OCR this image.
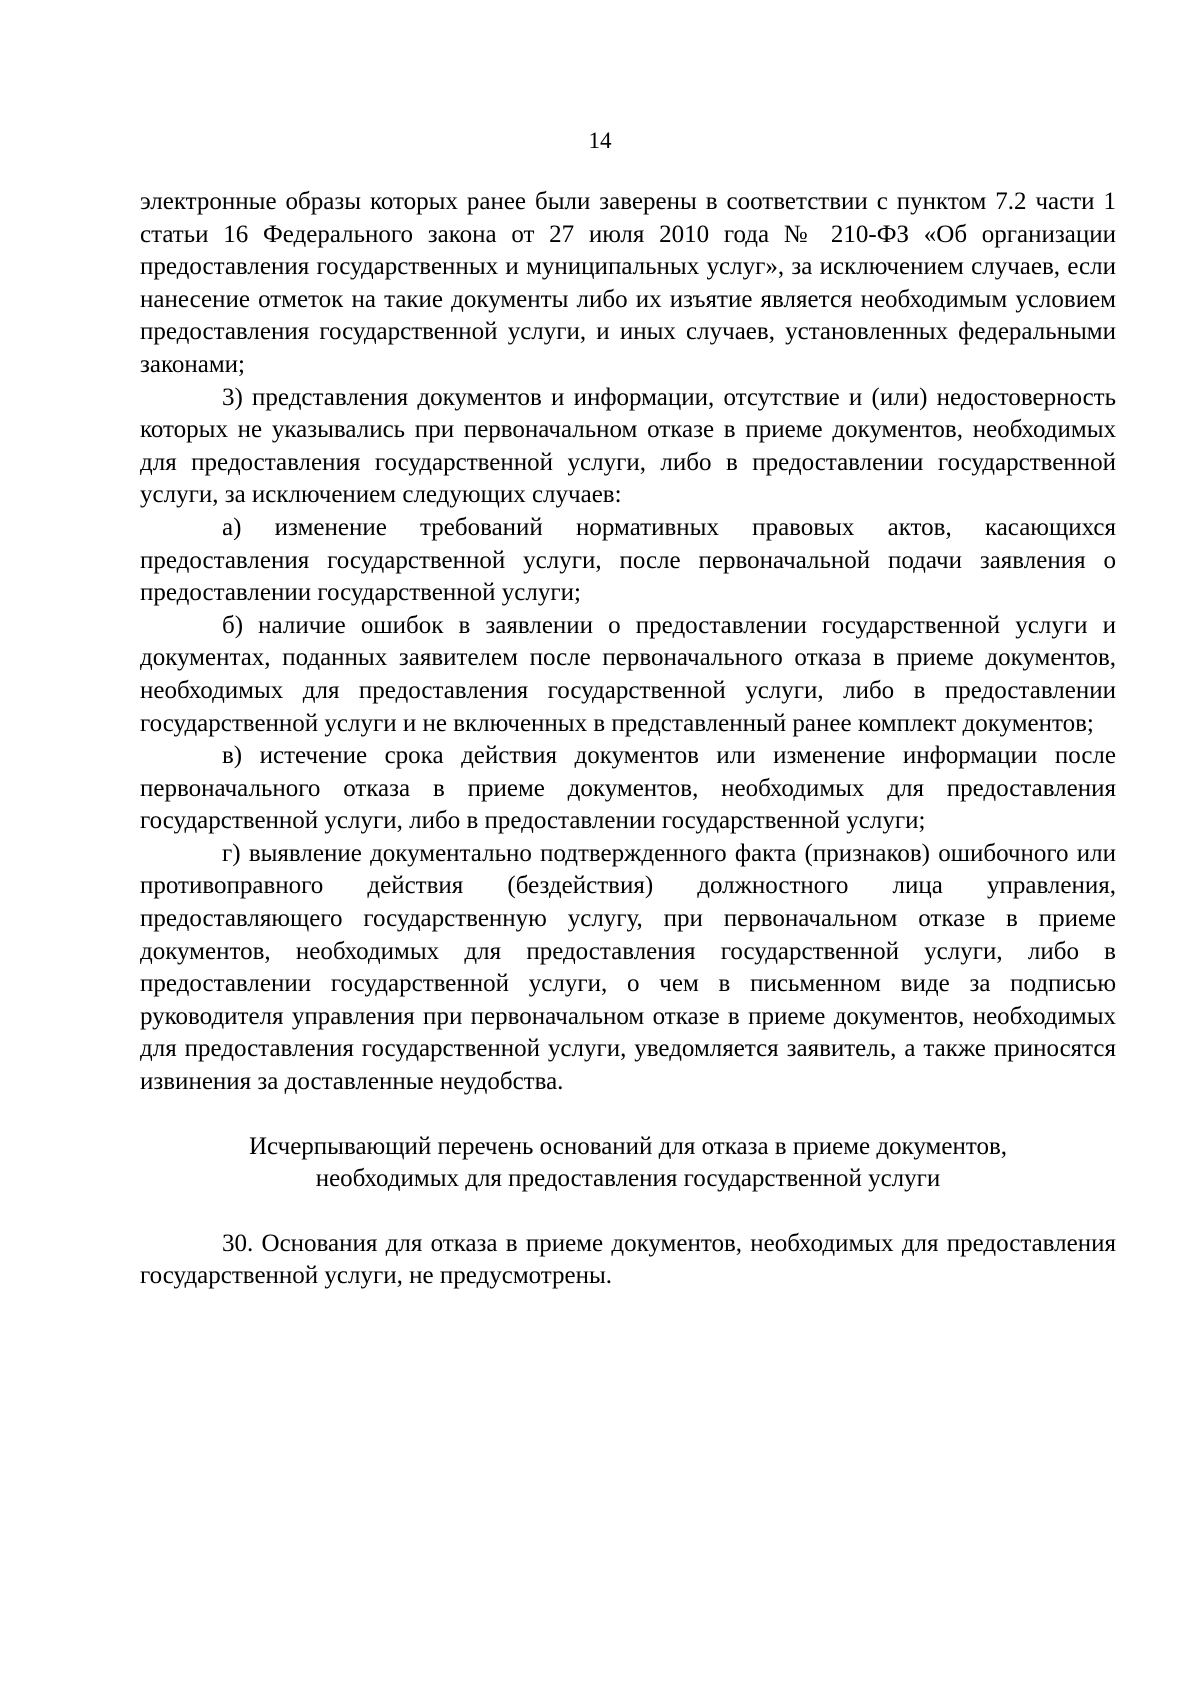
14

электронные образы которых ранее были заверены в соответствии с пунктом 7.2 части 1 статьи 16 Федерального закона от 27 июля 2010 года № 210-ФЗ «Об организации предоставления государственных и муниципальных услуг», за исключением случаев, если нанесение отметок на такие документы либо их изъятие является необходимым условием предоставления государственной услуги, и иных случаев, установленных федеральными законами;

3) представления документов и информации, отсутствие и (или) недостоверность которых не указывались при первоначальном отказе в приеме документов, необходимых для предоставления государственной услуги, либо в предоставлении государственной услуги, за исключением следующих случаев:

а) изменение требований нормативных правовых актов, касающихся предоставления государственной услуги, после первоначальной подачи заявления о предоставлении государственной услуги;

б) наличие ошибок в заявлении о предоставлении государственной услуги и документах, поданных заявителем после первоначального отказа в приеме документов, необходимых для предоставления государственной услуги, либо в предоставлении государственной услуги и не включенных в представленный ранее комплект документов;

в) истечение срока действия документов или изменение информации после первоначального отказа в приеме документов, необходимых для предоставления государственной услуги, либо в предоставлении государственной услуги;

г) выявление документально подтвержденного факта (признаков) ошибочного или противоправного действия (бездействия) должностного лица управления, предоставляющего государственную услугу, при первоначальном отказе в приеме документов, необходимых для предоставления государственной услуги, либо в предоставлении государственной услуги, о чем в письменном виде за подписью руководителя управления при первоначальном отказе в приеме документов, необходимых для предоставления государственной услуги, уведомляется заявитель, а также приносятся извинения за доставленные неудобства.

Исчерпывающий перечень оснований для отказа в приеме документов,
необходимых для предоставления государственной услуги

30. Основания для отказа в приеме документов, необходимых для предоставления государственной услуги, не предусмотрены.
